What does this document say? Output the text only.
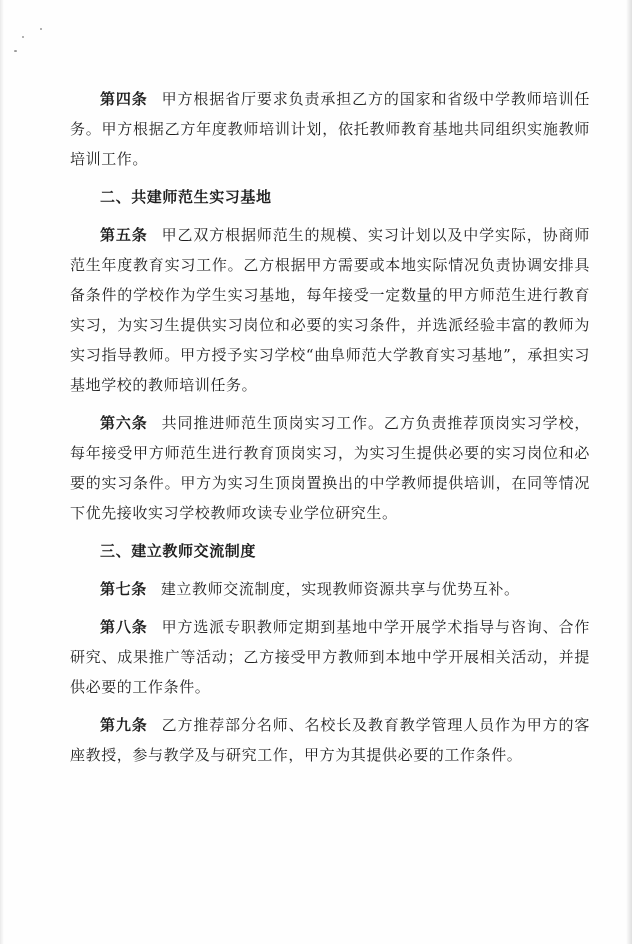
第四条 甲方根据省厅要求负责承担乙方的国家和省级中学教师培训任务。甲方根据乙方年度教师培训计划，依托教师教育基地共同组织实施教师培训工作。

二、共建师范生实习基地

第五条 甲乙双方根据师范生的规模、实习计划以及中学实际，协商师范生年度教育实习工作。乙方根据甲方需要或本地实际情况负责协调安排具备条件的学校作为学生实习基地，每年接受一定数量的甲方师范生进行教育实习，为实习生提供实习岗位和必要的实习条件，并选派经验丰富的教师为实习指导教师。甲方授予实习学校“曲阜师范大学教育实习基地”，承担实习基地学校的教师培训任务。

第六条 共同推进师范生顶岗实习工作。乙方负责推荐顶岗实习学校，每年接受甲方师范生进行教育顶岗实习，为实习生提供必要的实习岗位和必要的实习条件。甲方为实习生顶岗置换出的中学教师提供培训，在同等情况下优先接收实习学校教师攻读专业学位研究生。

三、建立教师交流制度

第七条 建立教师交流制度，实现教师资源共享与优势互补。

第八条 甲方选派专职教师定期到基地中学开展学术指导与咨询、合作研究、成果推广等活动；乙方接受甲方教师到本地中学开展相关活动，并提供必要的工作条件。

第九条 乙方推荐部分名师、名校长及教育教学管理人员作为甲方的客座教授，参与教学及与研究工作，甲方为其提供必要的工作条件。
